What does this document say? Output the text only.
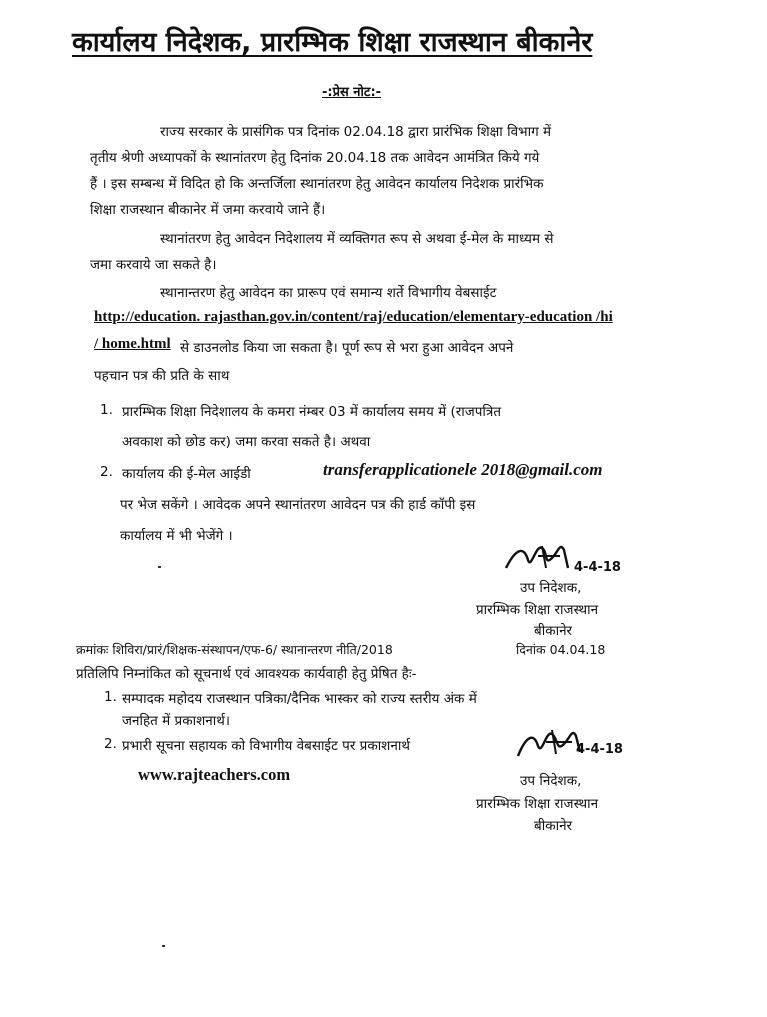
कार्यालय निदेशक, प्रारम्भिक शिक्षा राजस्थान बीकानेर
-:प्रेस नोट:-
राज्य सरकार के प्रासंगिक पत्र दिनांक 02.04.18 द्वारा प्रारंभिक शिक्षा विभाग में
तृतीय श्रेणी अध्यापकों के स्थानांतरण हेतु दिनांक 20.04.18 तक आवेदन आमंत्रित किये गये
हैं । इस सम्बन्ध में विदित हो कि अन्तर्जिला स्थानांतरण हेतु आवेदन कार्यालय निदेशक प्रारंभिक
शिक्षा राजस्थान बीकानेर में जमा करवाये जाने हैं।
स्थानांतरण हेतु आवेदन निदेशालय में व्यक्तिगत रूप से अथवा ई-मेल के माध्यम से
जमा करवाये जा सकते है।
स्थानान्तरण हेतु आवेदन का प्रारूप एवं समान्य शर्ते विभागीय वेबसाईट
http://education. rajasthan.gov.in/content/raj/education/elementary-education /hi
/ home.html से डाउनलोड किया जा सकता है। पूर्ण रूप से भरा हुआ आवेदन अपने
पहचान पत्र की प्रति के साथ
1. प्रारम्भिक शिक्षा निदेशालय के कमरा नंम्बर 03 में कार्यालय समय में (राजपत्रित
अवकाश को छोड कर) जमा करवा सकते है। अथवा
2. कार्यालय की ई-मेल आईडी	transferapplicationele 2018@gmail.com
पर भेज सकेंगे । आवेदक अपने स्थानांतरण आवेदन पत्र की हार्ड कॉपी इस
कार्यालय में भी भेजेंगे ।
4-4-18
उप निदेशक,
प्रारम्भिक शिक्षा राजस्थान
बीकानेर
क्रमांकः शिविरा/प्रारं/शिक्षक-संस्थापन/एफ-6/ स्थानान्तरण नीति/2018	दिनांक 04.04.18
प्रतिलिपि निम्नांकित को सूचनार्थ एवं आवश्यक कार्यवाही हेतु प्रेषित हैः-
1. सम्पादक महोदय राजस्थान पत्रिका/दैनिक भास्कर को राज्य स्तरीय अंक में
जनहित में प्रकाशनार्थ।
2. प्रभारी सूचना सहायक को विभागीय वेबसाईट पर प्रकाशनार्थ
www.rajteachers.com
4-4-18
उप निदेशक,
प्रारम्भिक शिक्षा राजस्थान
बीकानेर
